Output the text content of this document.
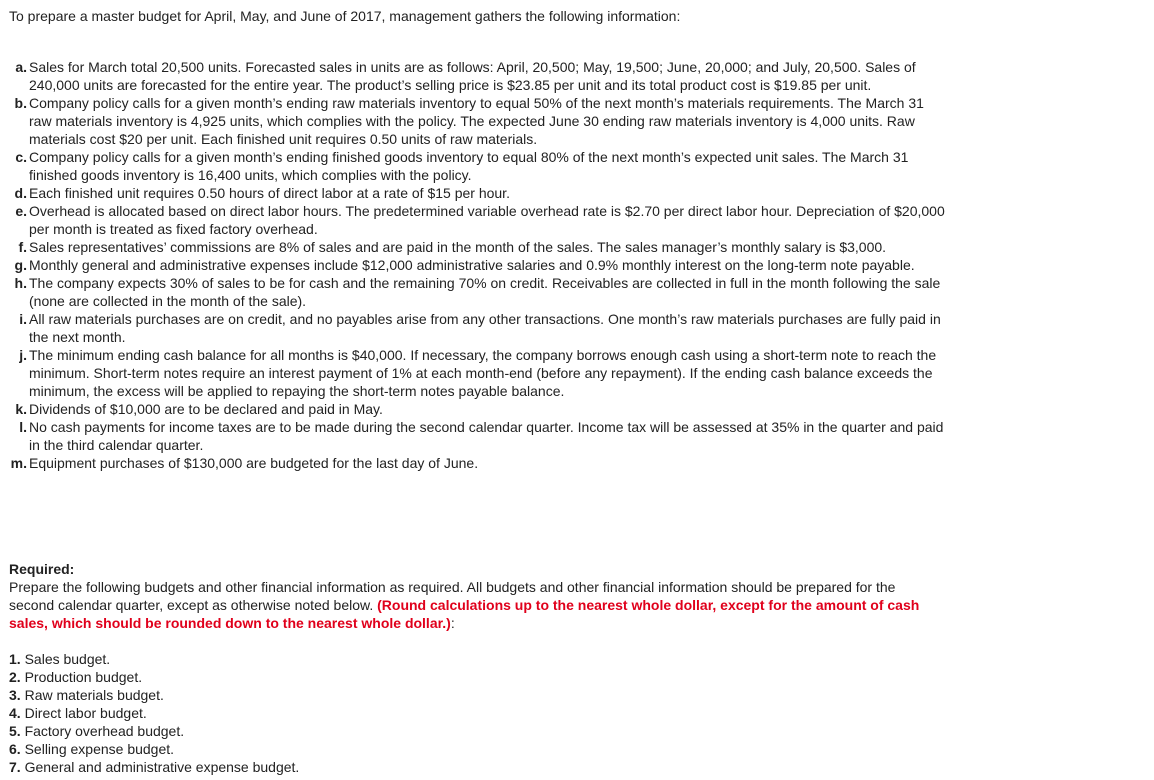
To prepare a master budget for April, May, and June of 2017, management gathers the following information:

a. Sales for March total 20,500 units. Forecasted sales in units are as follows: April, 20,500; May, 19,500; June, 20,000; and July, 20,500. Sales of 240,000 units are forecasted for the entire year. The product’s selling price is $23.85 per unit and its total product cost is $19.85 per unit.
b. Company policy calls for a given month’s ending raw materials inventory to equal 50% of the next month’s materials requirements. The March 31 raw materials inventory is 4,925 units, which complies with the policy. The expected June 30 ending raw materials inventory is 4,000 units. Raw materials cost $20 per unit. Each finished unit requires 0.50 units of raw materials.
c. Company policy calls for a given month’s ending finished goods inventory to equal 80% of the next month’s expected unit sales. The March 31 finished goods inventory is 16,400 units, which complies with the policy.
d. Each finished unit requires 0.50 hours of direct labor at a rate of $15 per hour.
e. Overhead is allocated based on direct labor hours. The predetermined variable overhead rate is $2.70 per direct labor hour. Depreciation of $20,000 per month is treated as fixed factory overhead.
f. Sales representatives’ commissions are 8% of sales and are paid in the month of the sales. The sales manager’s monthly salary is $3,000.
g. Monthly general and administrative expenses include $12,000 administrative salaries and 0.9% monthly interest on the long-term note payable.
h. The company expects 30% of sales to be for cash and the remaining 70% on credit. Receivables are collected in full in the month following the sale (none are collected in the month of the sale).
i. All raw materials purchases are on credit, and no payables arise from any other transactions. One month’s raw materials purchases are fully paid in the next month.
j. The minimum ending cash balance for all months is $40,000. If necessary, the company borrows enough cash using a short-term note to reach the minimum. Short-term notes require an interest payment of 1% at each month-end (before any repayment). If the ending cash balance exceeds the minimum, the excess will be applied to repaying the short-term notes payable balance.
k. Dividends of $10,000 are to be declared and paid in May.
l. No cash payments for income taxes are to be made during the second calendar quarter. Income tax will be assessed at 35% in the quarter and paid in the third calendar quarter.
m. Equipment purchases of $130,000 are budgeted for the last day of June.
Required:
Prepare the following budgets and other financial information as required. All budgets and other financial information should be prepared for the second calendar quarter, except as otherwise noted below. (Round calculations up to the nearest whole dollar, except for the amount of cash sales, which should be rounded down to the nearest whole dollar.):
1. Sales budget.
2. Production budget.
3. Raw materials budget.
4. Direct labor budget.
5. Factory overhead budget.
6. Selling expense budget.
7. General and administrative expense budget.
